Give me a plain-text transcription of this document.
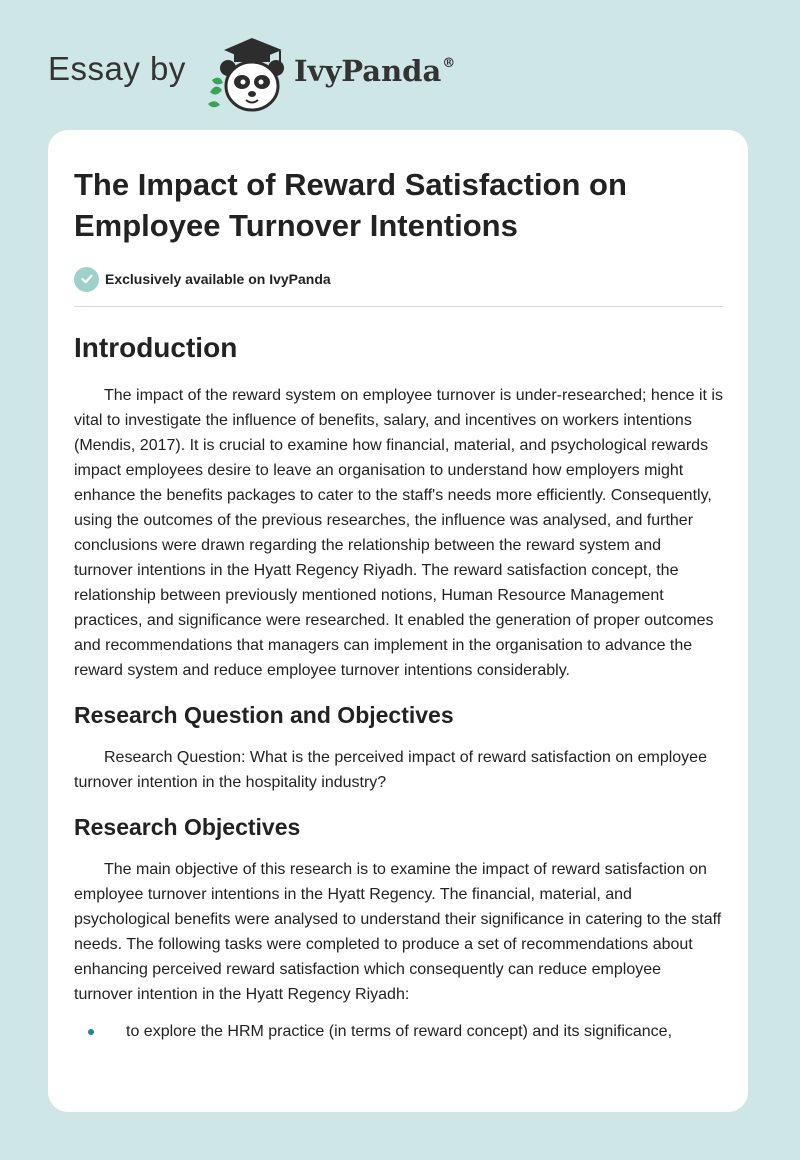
Essay by	IvyPanda®
The Impact of Reward Satisfaction on Employee Turnover Intentions
Exclusively available on IvyPanda
Introduction

The impact of the reward system on employee turnover is under-researched; hence it is vital to investigate the influence of benefits, salary, and incentives on workers intentions (Mendis, 2017). It is crucial to examine how financial, material, and psychological rewards impact employees desire to leave an organisation to understand how employers might enhance the benefits packages to cater to the staff's needs more efficiently. Consequently, using the outcomes of the previous researches, the influence was analysed, and further conclusions were drawn regarding the relationship between the reward system and turnover intentions in the Hyatt Regency Riyadh. The reward satisfaction concept, the relationship between previously mentioned notions, Human Resource Management practices, and significance were researched. It enabled the generation of proper outcomes and recommendations that managers can implement in the organisation to advance the reward system and reduce employee turnover intentions considerably.

Research Question and Objectives

Research Question: What is the perceived impact of reward satisfaction on employee turnover intention in the hospitality industry?

Research Objectives

The main objective of this research is to examine the impact of reward satisfaction on employee turnover intentions in the Hyatt Regency. The financial, material, and psychological benefits were analysed to understand their significance in catering to the staff needs. The following tasks were completed to produce a set of recommendations about enhancing perceived reward satisfaction which consequently can reduce employee turnover intention in the Hyatt Regency Riyadh:

to explore the HRM practice (in terms of reward concept) and its significance,
